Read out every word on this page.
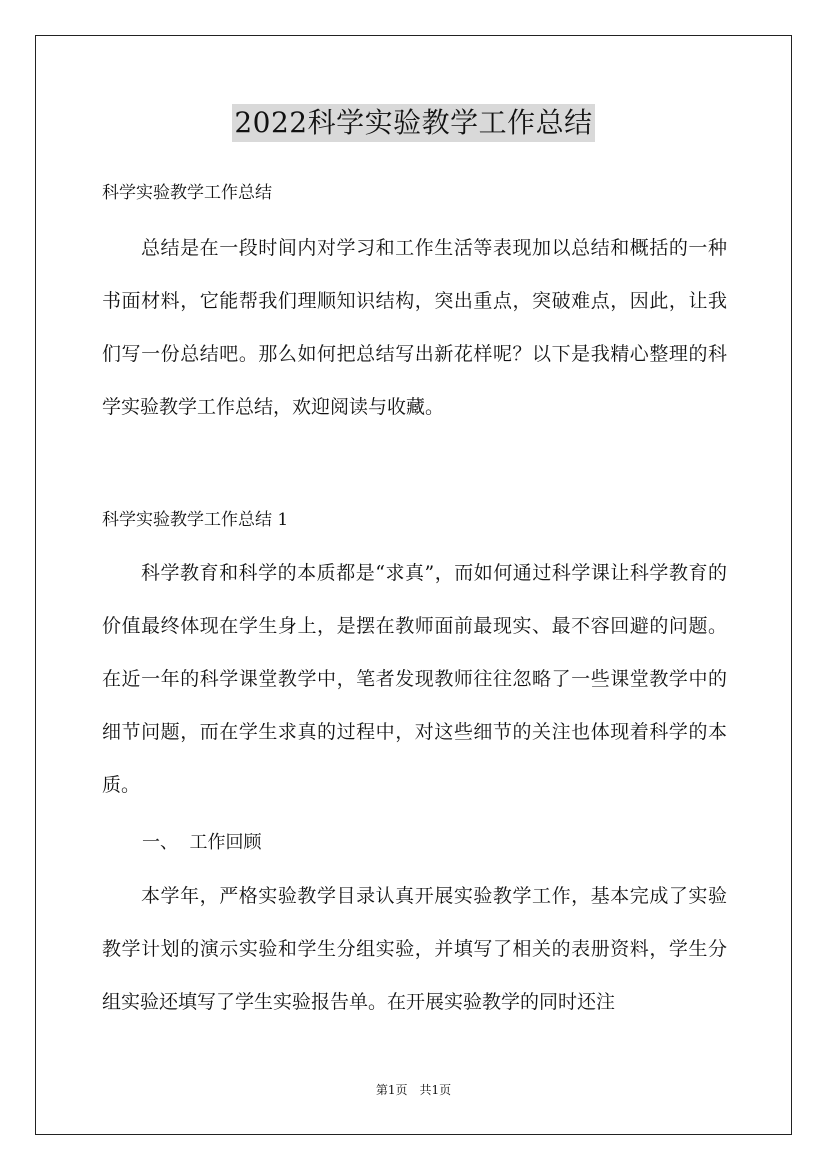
2022科学实验教学工作总结

科学实验教学工作总结

总结是在一段时间内对学习和工作生活等表现加以总结和概括的一种书面材料，它能帮我们理顺知识结构，突出重点，突破难点，因此，让我们写一份总结吧。那么如何把总结写出新花样呢？以下是我精心整理的科学实验教学工作总结，欢迎阅读与收藏。

科学实验教学工作总结 1

科学教育和科学的本质都是“求真”，而如何通过科学课让科学教育的价值最终体现在学生身上，是摆在教师面前最现实、最不容回避的问题。在近一年的科学课堂教学中，笔者发现教师往往忽略了一些课堂教学中的细节问题，而在学生求真的过程中，对这些细节的关注也体现着科学的本质。

一、  工作回顾

本学年，严格实验教学目录认真开展实验教学工作，基本完成了实验教学计划的演示实验和学生分组实验，并填写了相关的表册资料，学生分组实验还填写了学生实验报告单。在开展实验教学的同时还注

第1页 共1页
